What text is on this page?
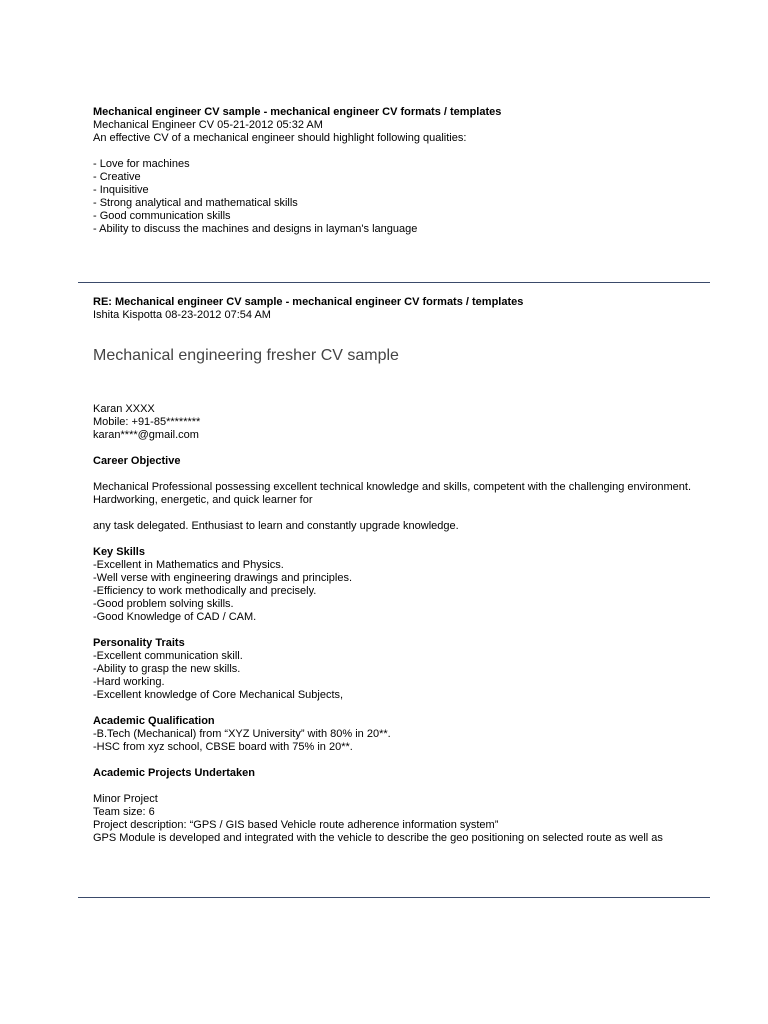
Mechanical engineer CV sample - mechanical engineer CV formats / templates

Mechanical Engineer CV 05-21-2012 05:32 AM

An effective CV of a mechanical engineer should highlight following qualities:

- Love for machines
- Creative
- Inquisitive
- Strong analytical and mathematical skills
- Good communication skills
- Ability to discuss the machines and designs in layman's language

RE: Mechanical engineer CV sample - mechanical engineer CV formats / templates

Ishita Kispotta 08-23-2012 07:54 AM

Mechanical engineering fresher CV sample

Karan XXXX

Mobile: +91-85********

karan****@gmail.com

Career Objective

Mechanical Professional possessing excellent technical knowledge and skills, competent with the challenging environment. Hardworking, energetic, and quick learner for

any task delegated. Enthusiast to learn and constantly upgrade knowledge.

Key Skills

-Excellent in Mathematics and Physics.
-Well verse with engineering drawings and principles.
-Efficiency to work methodically and precisely.
-Good problem solving skills.
-Good Knowledge of CAD / CAM.

Personality Traits

-Excellent communication skill.
-Ability to grasp the new skills.
-Hard working.
-Excellent knowledge of Core Mechanical Subjects,

Academic Qualification

-B.Tech (Mechanical) from “XYZ University” with 80% in 20**.
-HSC from xyz school, CBSE board with 75% in 20**.

Academic Projects Undertaken

Minor Project

Team size: 6

Project description: “GPS / GIS based Vehicle route adherence information system”

GPS Module is developed and integrated with the vehicle to describe the geo positioning on selected route as well as
